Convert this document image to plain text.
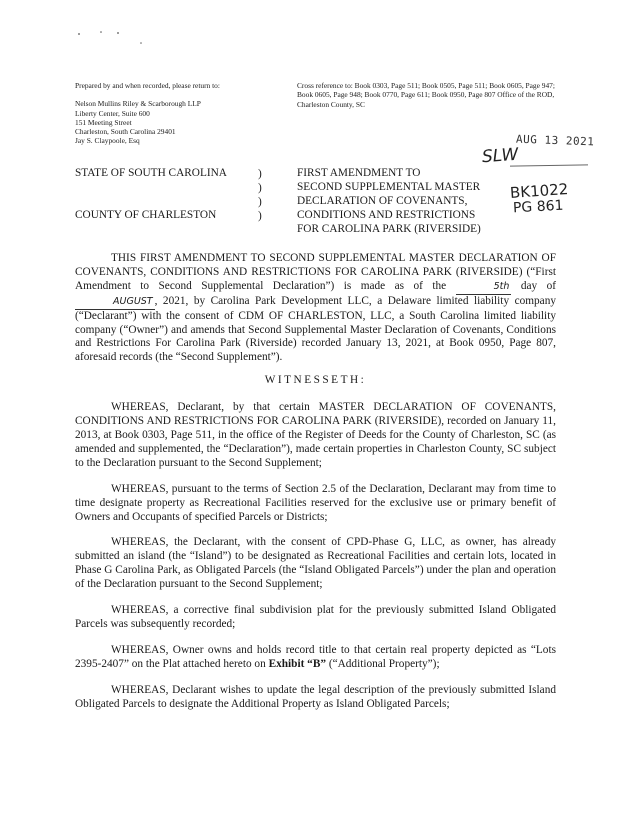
Prepared by and when recorded, please return to:
Nelson Mullins Riley & Scarborough LLP
Liberty Center, Suite 600
151 Meeting Street
Charleston, South Carolina 29401
Jay S. Claypoole, Esq
Cross reference to: Book 0303, Page 511; Book 0505, Page 511; Book 0605, Page 947; Book 0605, Page 948; Book 0770, Page 611; Book 0950, Page 807 Office of the ROD, Charleston County, SC
AUG 13 2021
SLW
BK1022
PG 861
STATE OF SOUTH CAROLINA

COUNTY OF CHARLESTON
)
)
)
)
FIRST AMENDMENT TO
SECOND SUPPLEMENTAL MASTER
DECLARATION OF COVENANTS,
CONDITIONS AND RESTRICTIONS
FOR CAROLINA PARK (RIVERSIDE)

THIS FIRST AMENDMENT TO SECOND SUPPLEMENTAL MASTER DECLARATION OF COVENANTS, CONDITIONS AND RESTRICTIONS FOR CAROLINA PARK (RIVERSIDE) (“First Amendment to Second Supplemental Declaration”) is made as of the	5th day of AUGUST , 2021, by Carolina Park Development LLC, a Delaware limited liability company (“Declarant”) with the consent of CDM OF CHARLESTON, LLC, a South Carolina limited liability company (“Owner”) and amends that Second Supplemental Master Declaration of Covenants, Conditions and Restrictions For Carolina Park (Riverside) recorded January 13, 2021, at Book 0950, Page 807, aforesaid records (the “Second Supplement”).

WITNESSETH:

WHEREAS, Declarant, by that certain MASTER DECLARATION OF COVENANTS, CONDITIONS AND RESTRICTIONS FOR CAROLINA PARK (RIVERSIDE), recorded on January 11, 2013, at Book 0303, Page 511, in the office of the Register of Deeds for the County of Charleston, SC (as amended and supplemented, the “Declaration”), made certain properties in Charleston County, SC subject to the Declaration pursuant to the Second Supplement;

WHEREAS, pursuant to the terms of Section 2.5 of the Declaration, Declarant may from time to time designate property as Recreational Facilities reserved for the exclusive use or primary benefit of Owners and Occupants of specified Parcels or Districts;

WHEREAS, the Declarant, with the consent of CPD-Phase G, LLC, as owner, has already submitted an island (the “Island”) to be designated as Recreational Facilities and certain lots, located in Phase G Carolina Park, as Obligated Parcels (the “Island Obligated Parcels”) under the plan and operation of the Declaration pursuant to the Second Supplement;

WHEREAS, a corrective final subdivision plat for the previously submitted Island Obligated Parcels was subsequently recorded;

WHEREAS, Owner owns and holds record title to that certain real property depicted as “Lots 2395-2407” on the Plat attached hereto on Exhibit “B” (“Additional Property”);

WHEREAS, Declarant wishes to update the legal description of the previously submitted Island Obligated Parcels to designate the Additional Property as Island Obligated Parcels;
